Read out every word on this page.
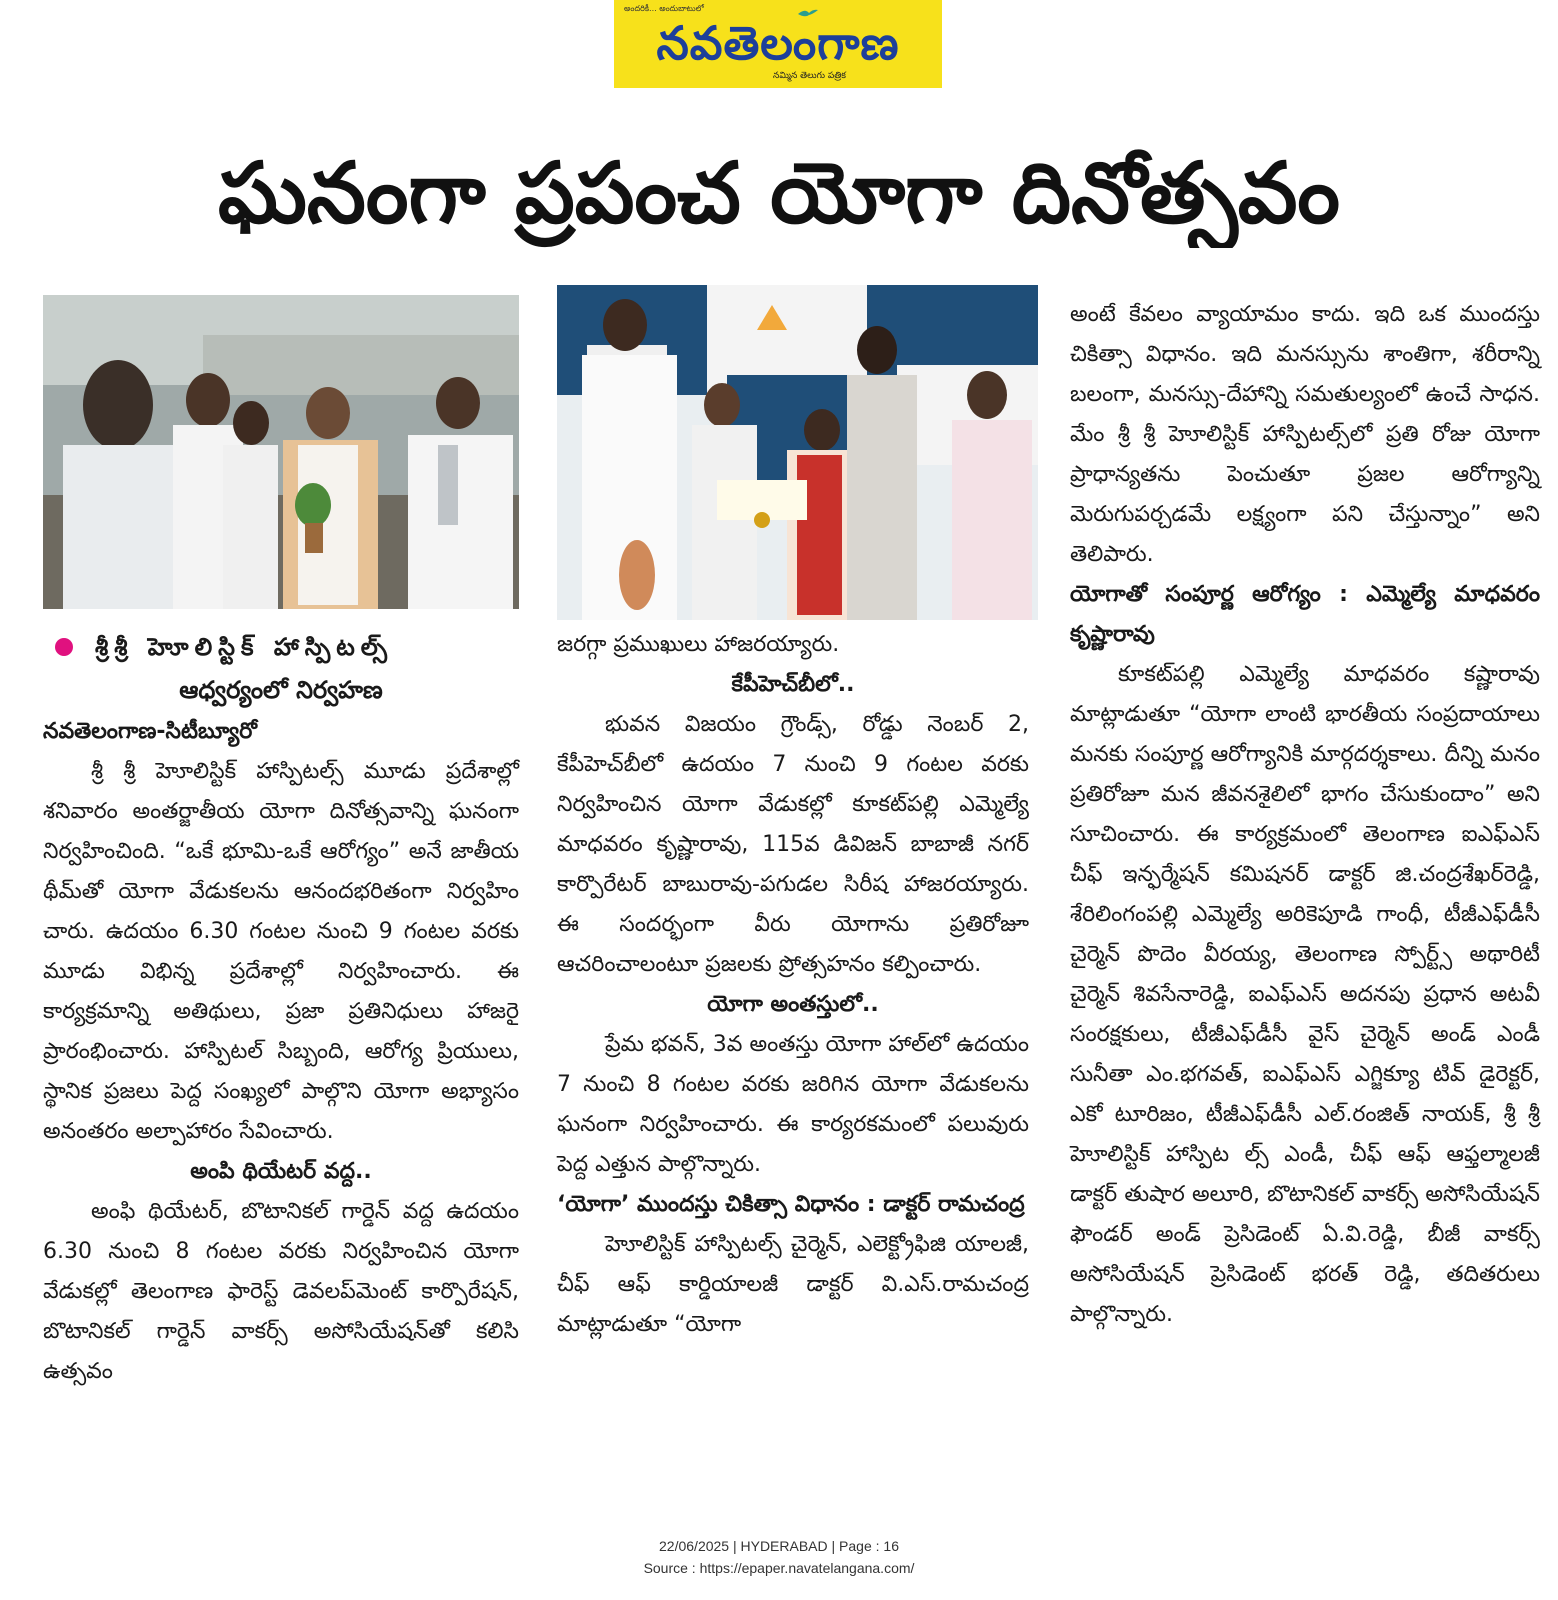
అందరికీ... అందుబాటులో
నవతెలంగాణ
నమ్మిన తెలుగు పత్రిక
ఘనంగా ప్రపంచ యోగా దినోత్సవం
శ్రీశ్రీ హెూలిస్టిక్ హాస్పిటల్స్

ఆధ్వర్యంలో నిర్వహణ

నవతెలంగాణ-సిటీబ్యూరో

శ్రీ శ్రీ హెూలిస్టిక్ హాస్పిటల్స్ మూడు ప్రదేశాల్లో శనివారం అంతర్జాతీయ యోగా దినోత్సవాన్ని ఘనంగా నిర్వహించింది. “ఒకే భూమి-ఒకే ఆరోగ్యం” అనే జాతీయ థీమ్‌తో యోగా వేడుకలను ఆనందభరితంగా నిర్వహిం చారు. ఉదయం 6.30 గంటల నుంచి 9 గంటల వరకు మూడు విభిన్న ప్రదేశాల్లో నిర్వహించారు. ఈ కార్యక్రమాన్ని అతిథులు, ప్రజా ప్రతినిధులు హాజరై ప్రారంభించారు. హాస్పిటల్ సిబ్బంది, ఆరోగ్య ప్రియులు, స్థానిక ప్రజలు పెద్ద సంఖ్యలో పాల్గొని యోగా అభ్యాసం అనంతరం అల్పాహారం సేవించారు.

అంపి థియేటర్ వద్ద..

అంఫి థియేటర్, బొటానికల్ గార్డెన్ వద్ద ఉదయం 6.30 నుంచి 8 గంటల వరకు నిర్వహించిన యోగా వేడుకల్లో తెలంగాణ ఫారెస్ట్ డెవలప్‌మెంట్ కార్పొరేషన్, బొటానికల్ గార్డెన్ వాకర్స్ అసోసియేషన్‌తో కలిసి ఉత్సవం

జరగ్గా ప్రముఖులు హాజరయ్యారు.

కేపీహెచ్‌బీలో..

భువన విజయం గ్రౌండ్స్, రోడ్డు నెంబర్ 2, కేపీహెచ్‌బీలో ఉదయం 7 నుంచి 9 గంటల వరకు నిర్వహించిన యోగా వేడుకల్లో కూకట్‌పల్లి ఎమ్మెల్యే మాధవరం కృష్ణారావు, 115వ డివిజన్ బాబాజీ నగర్ కార్పొరేటర్ బాబురావు-పగుడల సిరీష హాజరయ్యారు. ఈ సందర్భంగా వీరు యోగాను ప్రతిరోజూ ఆచరించాలంటూ ప్రజలకు ప్రోత్సహనం కల్పించారు.

యోగా అంతస్తులో..

ప్రేమ భవన్, 3వ అంతస్తు యోగా హాల్‌లో ఉదయం 7 నుంచి 8 గంటల వరకు జరిగిన యోగా వేడుకలను ఘనంగా నిర్వహించారు. ఈ కార్యరకమంలో పలువురు పెద్ద ఎత్తున పాల్గొన్నారు.

‘యోగా’ ముందస్తు చికిత్సా విధానం : డాక్టర్ రామచంద్ర

హెూలిస్టిక్ హాస్పిటల్స్ చైర్మెన్, ఎలెక్ట్రోఫిజి యాలజీ, చీఫ్ ఆఫ్ కార్డియాలజీ డాక్టర్ వి.ఎస్.రామచంద్ర మాట్లాడుతూ “యోగా

అంటే కేవలం వ్యాయామం కాదు. ఇది ఒక ముందస్తు చికిత్సా విధానం. ఇది మనస్సును శాంతిగా, శరీరాన్ని బలంగా, మనస్సు-దేహాన్ని సమతుల్యంలో ఉంచే సాధన. మేం శ్రీ శ్రీ హెూలిస్టిక్ హాస్పిటల్స్‌లో ప్రతి రోజు యోగా ప్రాధాన్యతను పెంచుతూ ప్రజల ఆరోగ్యాన్ని మెరుగుపర్చడమే లక్ష్యంగా పని చేస్తున్నాం” అని తెలిపారు.

యోగాతో సంపూర్ణ ఆరోగ్యం : ఎమ్మెల్యే మాధవరం కృష్ణారావు

కూకట్‌పల్లి ఎమ్మెల్యే మాధవరం కష్ణారావు మాట్లాడుతూ “యోగా లాంటి భారతీయ సంప్రదాయాలు మనకు సంపూర్ణ ఆరోగ్యానికి మార్గదర్శకాలు. దీన్ని మనం ప్రతిరోజూ మన జీవనశైలిలో భాగం చేసుకుందాం” అని సూచించారు. ఈ కార్యక్రమంలో తెలంగాణ ఐఎఫ్ఎస్ చీఫ్ ఇన్ఫర్మేషన్ కమిషనర్ డాక్టర్ జి.చంద్రశేఖర్‌రెడ్డి, శేరిలింగంపల్లి ఎమ్మెల్యే అరికెపూడి గాంధీ, టీజీఎఫ్‌డీసీ చైర్మెన్ పొదెం వీరయ్య, తెలంగాణ స్పోర్ట్స్ అథారిటీ చైర్మెన్ శివసేనారెడ్డి, ఐఎఫ్ఎస్ అదనపు ప్రధాన అటవీ సంరక్షకులు, టీజీఎఫ్‌డీసీ వైస్ చైర్మెన్ అండ్ ఎండీ సునీతా ఎం.భగవత్, ఐఎఫ్ఎస్ ఎగ్జిక్యూ టివ్ డైరెక్టర్, ఎకో టూరిజం, టీజీఎఫ్‌డీసీ ఎల్.రంజిత్ నాయక్, శ్రీ శ్రీ హెూలిస్టిక్ హాస్పిట ల్స్ ఎండీ, చీఫ్ ఆఫ్ ఆఫ్తల్మాలజీ డాక్టర్ తుషార అలూరి, బొటానికల్ వాకర్స్ అసోసియేషన్ ఫౌండర్ అండ్ ప్రెసిడెంట్ ఏ.వి.రెడ్డి, బీజీ వాకర్స్ అసోసియేషన్ ప్రెసిడెంట్ భరత్ రెడ్డి, తదితరులు పాల్గొన్నారు.

22/06/2025 | HYDERABAD | Page : 16
Source : https://epaper.navatelangana.com/
